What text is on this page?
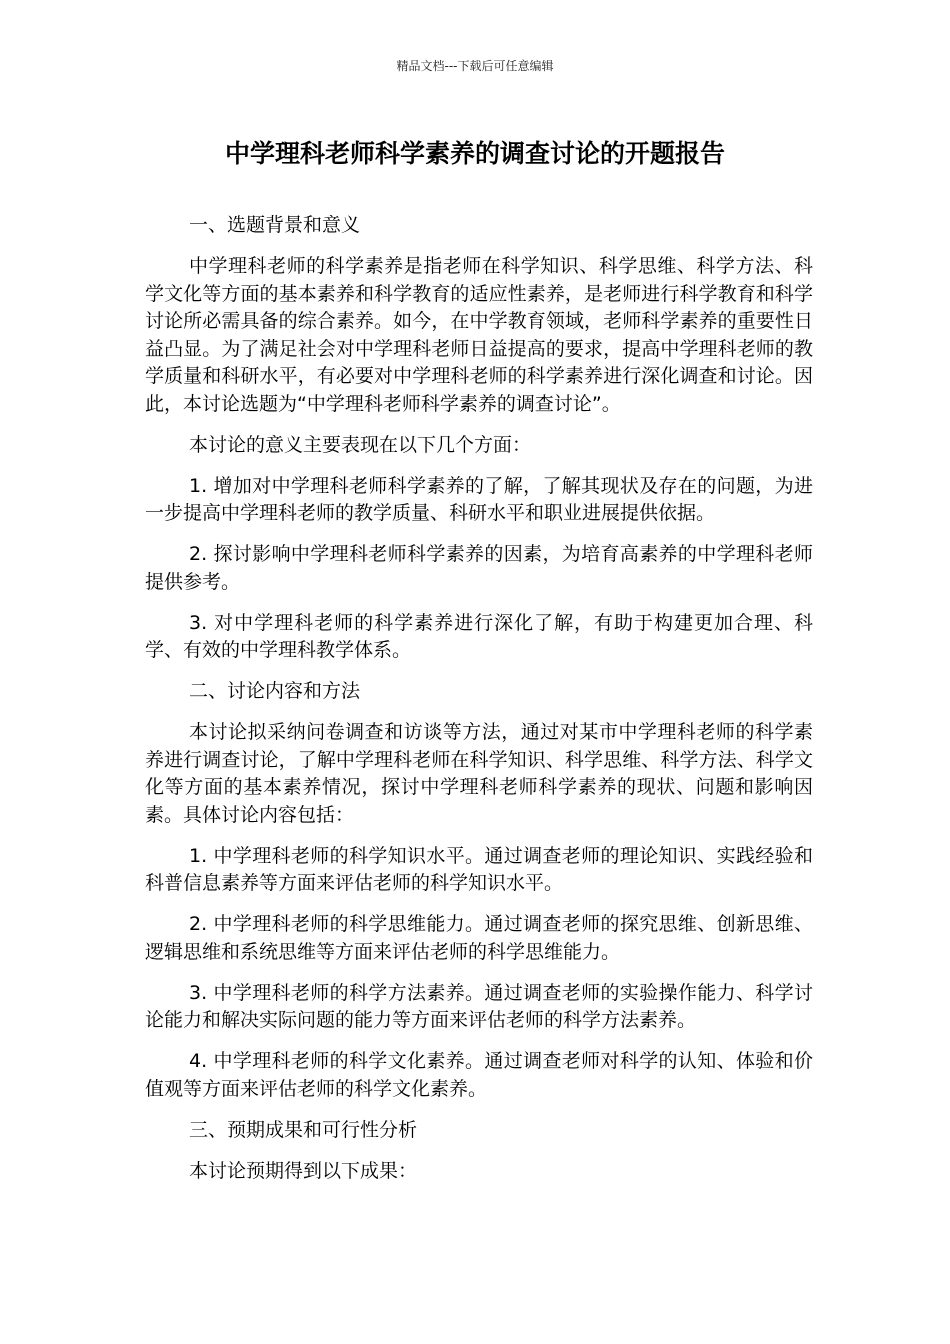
精品文档---下载后可任意编辑
中学理科老师科学素养的调查讨论的开题报告

一、选题背景和意义

中学理科老师的科学素养是指老师在科学知识、科学思维、科学方法、科学文化等方面的基本素养和科学教育的适应性素养，是老师进行科学教育和科学讨论所必需具备的综合素养。如今，在中学教育领域，老师科学素养的重要性日益凸显。为了满足社会对中学理科老师日益提高的要求，提高中学理科老师的教学质量和科研水平，有必要对中学理科老师的科学素养进行深化调查和讨论。因此，本讨论选题为“中学理科老师科学素养的调查讨论”。

本讨论的意义主要表现在以下几个方面：

1. 增加对中学理科老师科学素养的了解，了解其现状及存在的问题，为进一步提高中学理科老师的教学质量、科研水平和职业进展提供依据。

2. 探讨影响中学理科老师科学素养的因素，为培育高素养的中学理科老师提供参考。

3. 对中学理科老师的科学素养进行深化了解，有助于构建更加合理、科学、有效的中学理科教学体系。

二、讨论内容和方法

本讨论拟采纳问卷调查和访谈等方法，通过对某市中学理科老师的科学素养进行调查讨论，了解中学理科老师在科学知识、科学思维、科学方法、科学文化等方面的基本素养情况，探讨中学理科老师科学素养的现状、问题和影响因素。具体讨论内容包括：

1. 中学理科老师的科学知识水平。通过调查老师的理论知识、实践经验和科普信息素养等方面来评估老师的科学知识水平。

2. 中学理科老师的科学思维能力。通过调查老师的探究思维、创新思维、逻辑思维和系统思维等方面来评估老师的科学思维能力。

3. 中学理科老师的科学方法素养。通过调查老师的实验操作能力、科学讨论能力和解决实际问题的能力等方面来评估老师的科学方法素养。

4. 中学理科老师的科学文化素养。通过调查老师对科学的认知、体验和价值观等方面来评估老师的科学文化素养。

三、预期成果和可行性分析

本讨论预期得到以下成果：
